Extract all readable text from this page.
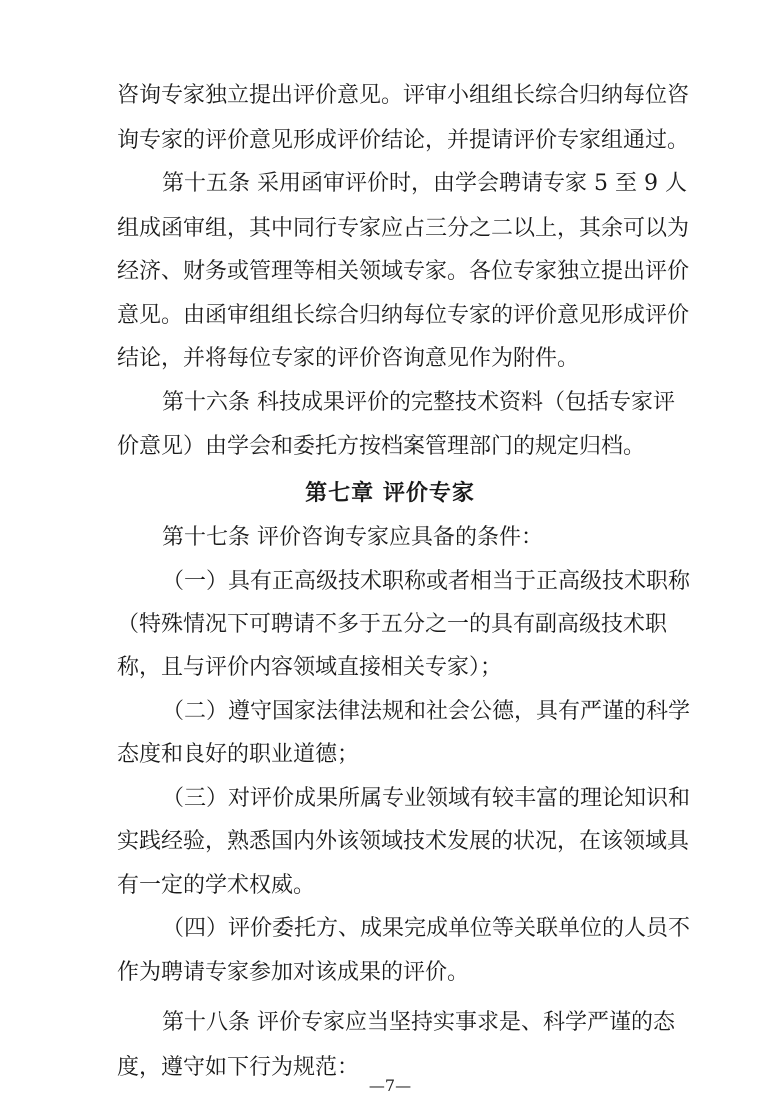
咨询专家独立提出评价意见。评审小组组长综合归纳每位咨
询专家的评价意见形成评价结论，并提请评价专家组通过。
第十五条 采用函审评价时，由学会聘请专家 5 至 9 人
组成函审组，其中同行专家应占三分之二以上，其余可以为
经济、财务或管理等相关领域专家。各位专家独立提出评价
意见。由函审组组长综合归纳每位专家的评价意见形成评价
结论，并将每位专家的评价咨询意见作为附件。
第十六条 科技成果评价的完整技术资料（包括专家评
价意见）由学会和委托方按档案管理部门的规定归档。
第七章 评价专家
第十七条 评价咨询专家应具备的条件：
（一）具有正高级技术职称或者相当于正高级技术职称
（特殊情况下可聘请不多于五分之一的具有副高级技术职
称，且与评价内容领域直接相关专家）；
（二）遵守国家法律法规和社会公德，具有严谨的科学
态度和良好的职业道德；
（三）对评价成果所属专业领域有较丰富的理论知识和
实践经验，熟悉国内外该领域技术发展的状况，在该领域具
有一定的学术权威。
（四）评价委托方、成果完成单位等关联单位的人员不
作为聘请专家参加对该成果的评价。
第十八条 评价专家应当坚持实事求是、科学严谨的态
度，遵守如下行为规范：
—7—
